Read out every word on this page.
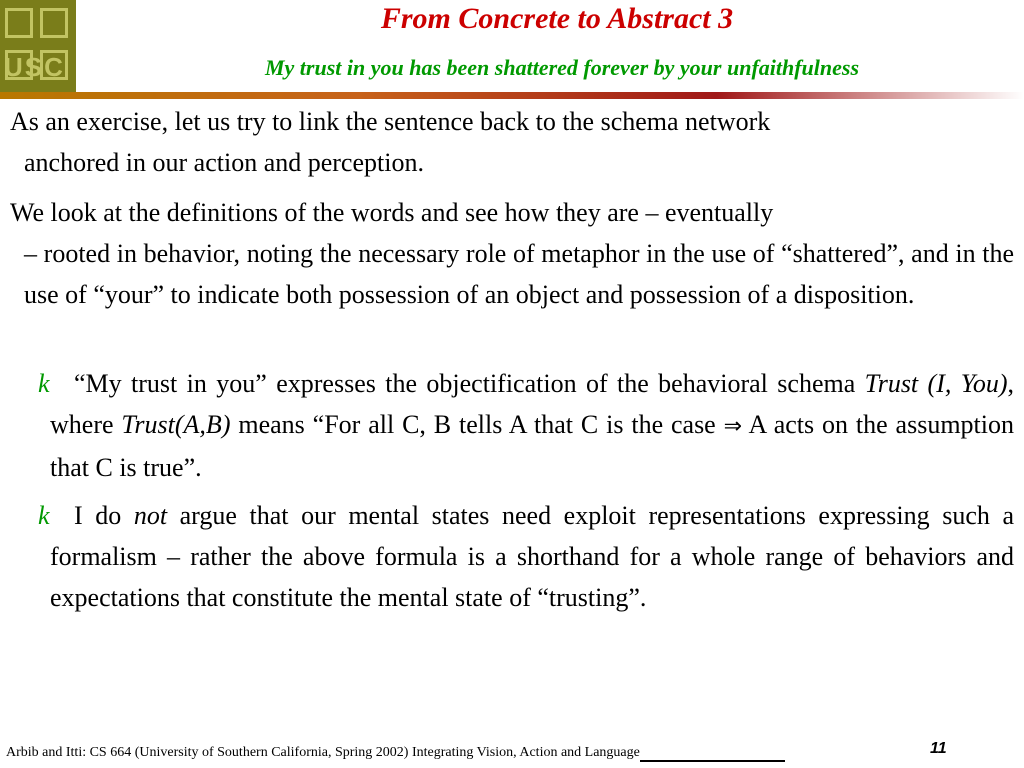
USC
From Concrete to Abstract 3
My trust in you has been shattered forever by your unfaithfulness
As an exercise, let us try to link the sentence back to the schema network
anchored in our action and perception.
We look at the definitions of the words and see how they are – eventually
– rooted in behavior, noting the necessary role of metaphor in the use of “shattered”, and in the use of “your” to indicate both possession of an object and possession of a disposition.
k “My trust in you” expresses the objectification of the behavioral schema Trust (I, You), where Trust(A,B) means “For all C, B tells A that C is the case ⇒ A acts on the assumption that C is true”.
k I do not argue that our mental states need exploit representations expressing such a formalism – rather the above formula is a shorthand for a whole range of behaviors and expectations that constitute the mental state of “trusting”.
Arbib and Itti: CS 664 (University of Southern California, Spring 2002) Integrating Vision, Action and Language	11
